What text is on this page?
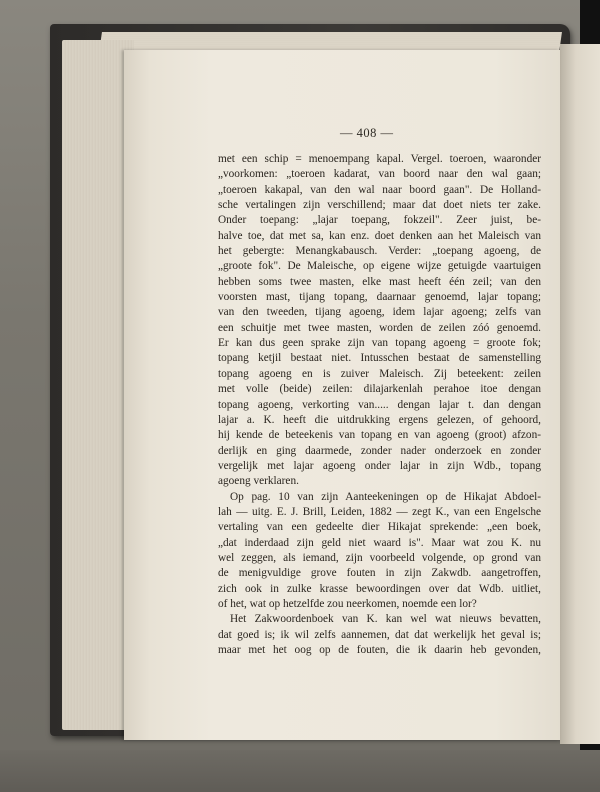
— 408 —
met een schip = menoempang kapal. Vergel. toeroen, waaronder
„voorkomen: „toeroen kadarat, van boord naar den wal gaan;
„toeroen kakapal, van den wal naar boord gaan". De Holland-
sche vertalingen zijn verschillend; maar dat doet niets ter zake.
Onder toepang: „lajar toepang, fokzeil". Zeer juist, be-
halve toe, dat met sa, kan enz. doet denken aan het Maleisch van
het gebergte: Menangkabausch. Verder: „toepang agoeng, de
„groote fok". De Maleische, op eigene wijze getuigde vaartuigen
hebben soms twee masten, elke mast heeft één zeil; van den
voorsten mast, tijang topang, daarnaar genoemd, lajar topang;
van den tweeden, tijang agoeng, idem lajar agoeng; zelfs van
een schuitje met twee masten, worden de zeilen zóó genoemd.
Er kan dus geen sprake zijn van topang agoeng = groote fok;
topang ketjil bestaat niet. Intusschen bestaat de samenstelling
topang agoeng en is zuiver Maleisch. Zij beteekent: zeilen
met volle (beide) zeilen: dilajarkenlah perahoe itoe dengan
topang agoeng, verkorting van..... dengan lajar t. dan dengan
lajar a. K. heeft die uitdrukking ergens gelezen, of gehoord,
hij kende de beteekenis van topang en van agoeng (groot) afzon-
derlijk en ging daarmede, zonder nader onderzoek en zonder
vergelijk met lajar agoeng onder lajar in zijn Wdb., topang
agoeng verklaren.
Op pag. 10 van zijn Aanteekeningen op de Hikajat Abdoel-
lah — uitg. E. J. Brill, Leiden, 1882 — zegt K., van een Engelsche
vertaling van een gedeelte dier Hikajat sprekende: „een boek,
„dat inderdaad zijn geld niet waard is". Maar wat zou K. nu
wel zeggen, als iemand, zijn voorbeeld volgende, op grond van
de menigvuldige grove fouten in zijn Zakwdb. aangetroffen,
zich ook in zulke krasse bewoordingen over dat Wdb. uitliet,
of het, wat op hetzelfde zou neerkomen, noemde een lor?
Het Zakwoordenboek van K. kan wel wat nieuws bevatten,
dat goed is; ik wil zelfs aannemen, dat dat werkelijk het geval is;
maar met het oog op de fouten, die ik daarin heb gevonden,
